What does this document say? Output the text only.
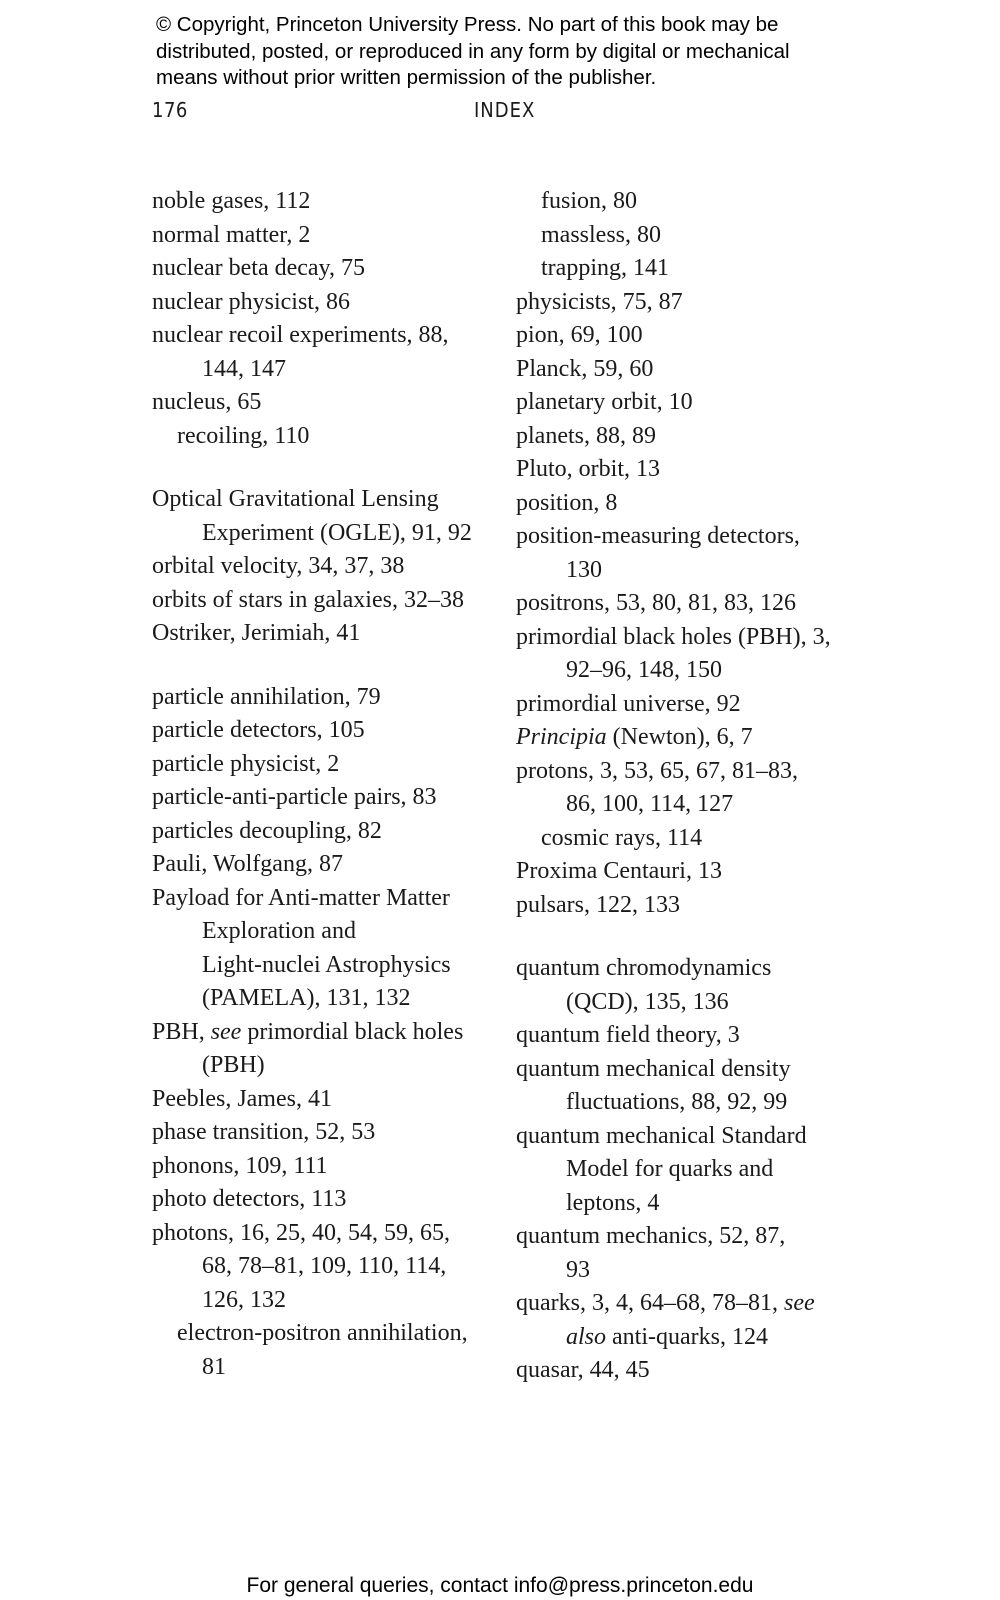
© Copyright, Princeton University Press. No part of this book may be
distributed, posted, or reproduced in any form by digital or mechanical
means without prior written permission of the publisher.
176	INDEX
noble gases, 112
normal matter, 2
nuclear beta decay, 75
nuclear physicist, 86
nuclear recoil experiments, 88,
144, 147
nucleus, 65
recoiling, 110
Optical Gravitational Lensing
Experiment (OGLE), 91, 92
orbital velocity, 34, 37, 38
orbits of stars in galaxies, 32–38
Ostriker, Jerimiah, 41
particle annihilation, 79
particle detectors, 105
particle physicist, 2
particle-anti-particle pairs, 83
particles decoupling, 82
Pauli, Wolfgang, 87
Payload for Anti-matter Matter
Exploration and
Light-nuclei Astrophysics
(PAMELA), 131, 132
PBH, see primordial black holes
(PBH)
Peebles, James, 41
phase transition, 52, 53
phonons, 109, 111
photo detectors, 113
photons, 16, 25, 40, 54, 59, 65,
68, 78–81, 109, 110, 114,
126, 132
electron-positron annihilation,
81
fusion, 80
massless, 80
trapping, 141
physicists, 75, 87
pion, 69, 100
Planck, 59, 60
planetary orbit, 10
planets, 88, 89
Pluto, orbit, 13
position, 8
position-measuring detectors,
130
positrons, 53, 80, 81, 83, 126
primordial black holes (PBH), 3,
92–96, 148, 150
primordial universe, 92
Principia (Newton), 6, 7
protons, 3, 53, 65, 67, 81–83,
86, 100, 114, 127
cosmic rays, 114
Proxima Centauri, 13
pulsars, 122, 133
quantum chromodynamics
(QCD), 135, 136
quantum field theory, 3
quantum mechanical density
fluctuations, 88, 92, 99
quantum mechanical Standard
Model for quarks and
leptons, 4
quantum mechanics, 52, 87,
93
quarks, 3, 4, 64–68, 78–81, see
also anti-quarks, 124
quasar, 44, 45
For general queries, contact info@press.princeton.edu
